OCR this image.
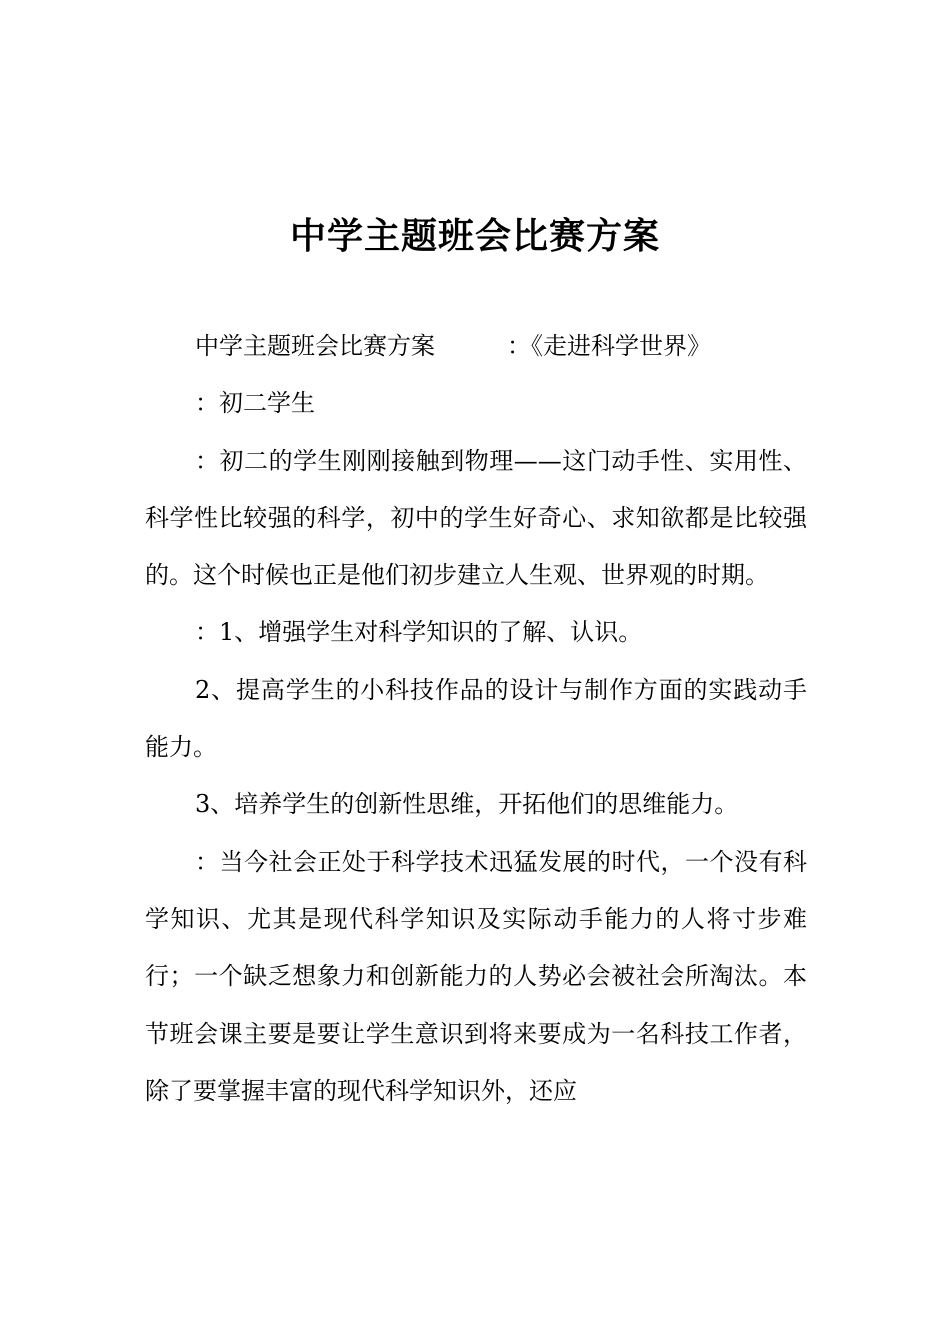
中学主题班会比赛方案

中学主题班会比赛方案　　　：《走进科学世界》

：初二学生

：初二的学生刚刚接触到物理——这门动手性、实用性、科学性比较强的科学，初中的学生好奇心、求知欲都是比较强的。这个时候也正是他们初步建立人生观、世界观的时期。

：1、增强学生对科学知识的了解、认识。

2、提高学生的小科技作品的设计与制作方面的实践动手能力。

3、培养学生的创新性思维，开拓他们的思维能力。

：当今社会正处于科学技术迅猛发展的时代，一个没有科学知识、尤其是现代科学知识及实际动手能力的人将寸步难行；一个缺乏想象力和创新能力的人势必会被社会所淘汰。本节班会课主要是要让学生意识到将来要成为一名科技工作者，除了要掌握丰富的现代科学知识外，还应
